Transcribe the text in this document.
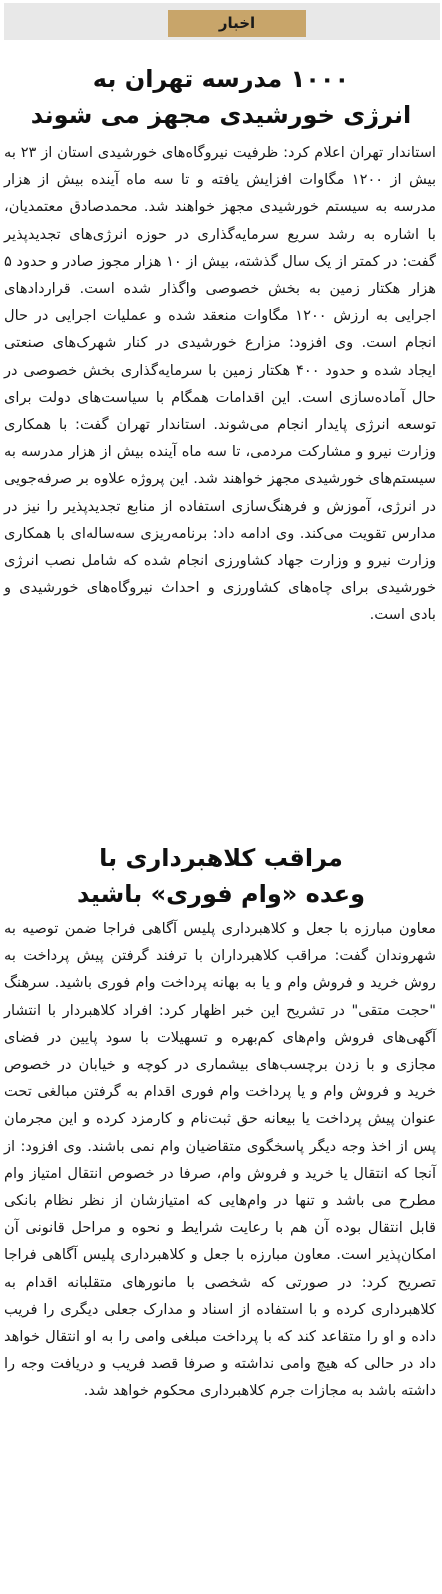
اخبار
۱۰۰۰ مدرسه تهران به
انرژی خورشیدی مجهز می شوند
استاندار تهران اعلام کرد: ظرفیت نیروگاه‌های خورشیدی استان از ۲۳ به بیش از ۱۲۰۰ مگاوات افزایش یافته و تا سه ماه آینده بیش از هزار مدرسه به سیستم خورشیدی مجهز خواهند شد. محمدصادق معتمدیان، با اشاره به رشد سریع سرمایه‌گذاری در حوزه انرژی‌های تجدیدپذیر گفت: در کمتر از یک سال گذشته، بیش از ۱۰ هزار مجوز صادر و حدود ۵ هزار هکتار زمین به بخش خصوصی واگذار شده است. قراردادهای اجرایی به ارزش ۱۲۰۰ مگاوات منعقد شده و عملیات اجرایی در حال انجام است. وی افزود: مزارع خورشیدی در کنار شهرک‌های صنعتی ایجاد شده و حدود ۴۰۰ هکتار زمین با سرمایه‌گذاری بخش خصوصی در حال آماده‌سازی است. این اقدامات همگام با سیاست‌های دولت برای توسعه انرژی پایدار انجام می‌شوند. استاندار تهران گفت: با همکاری وزارت نیرو و مشارکت مردمی، تا سه ماه آینده بیش از هزار مدرسه به سیستم‌های خورشیدی مجهز خواهند شد. این پروژه علاوه بر صرفه‌جویی در انرژی، آموزش و فرهنگ‌سازی استفاده از منابع تجدیدپذیر را نیز در مدارس تقویت می‌کند. وی ادامه داد: برنامه‌ریزی سه‌ساله‌ای با همکاری وزارت نیرو و وزارت جهاد کشاورزی انجام شده که شامل نصب انرژی خورشیدی برای چاه‌های کشاورزی و احداث نیروگاه‌های خورشیدی و بادی است.
مراقب کلاهبرداری با
وعده «وام فوری» باشید
معاون مبارزه با جعل و کلاهبرداری پلیس آگاهی فراجا ضمن توصیه به شهروندان گفت: مراقب کلاهبرداران با ترفند گرفتن پیش پرداخت به روش خرید و فروش وام و یا به بهانه پرداخت وام فوری باشید. سرهنگ "حجت متقی" در تشریح این خبر اظهار کرد: افراد کلاهبردار با انتشار آگهی‌های فروش وام‌های کم‌بهره و تسهیلات با سود پایین در فضای مجازی و با زدن برچسب‌های بیشماری در کوچه و خیابان در خصوص خرید و فروش وام و یا پرداخت وام فوری اقدام به گرفتن مبالغی تحت عنوان پیش پرداخت یا بیعانه حق ثبت‌نام و کارمزد کرده و این مجرمان پس از اخذ وجه دیگر پاسخگوی متقاضیان وام نمی باشند. وی افزود: از آنجا که انتقال یا خرید و فروش وام، صرفا در خصوص انتقال امتیاز وام مطرح می باشد و تنها در وام‌هایی که امتیازشان از نظر نظام بانکی قابل انتقال بوده آن هم با رعایت شرایط و نحوه و مراحل قانونی آن امکان‌پذیر است. معاون مبارزه با جعل و کلاهبرداری پلیس آگاهی فراجا تصریح کرد: در صورتی که شخصی با مانورهای متقلبانه اقدام به کلاهبرداری کرده و با استفاده از اسناد و مدارک جعلی دیگری را فریب داده و او را متقاعد کند که با پرداخت مبلغی وامی را به او انتقال خواهد داد در حالی که هیچ وامی نداشته و صرفا قصد فریب و دریافت وجه را داشته باشد به مجازات جرم کلاهبرداری محکوم خواهد شد.
